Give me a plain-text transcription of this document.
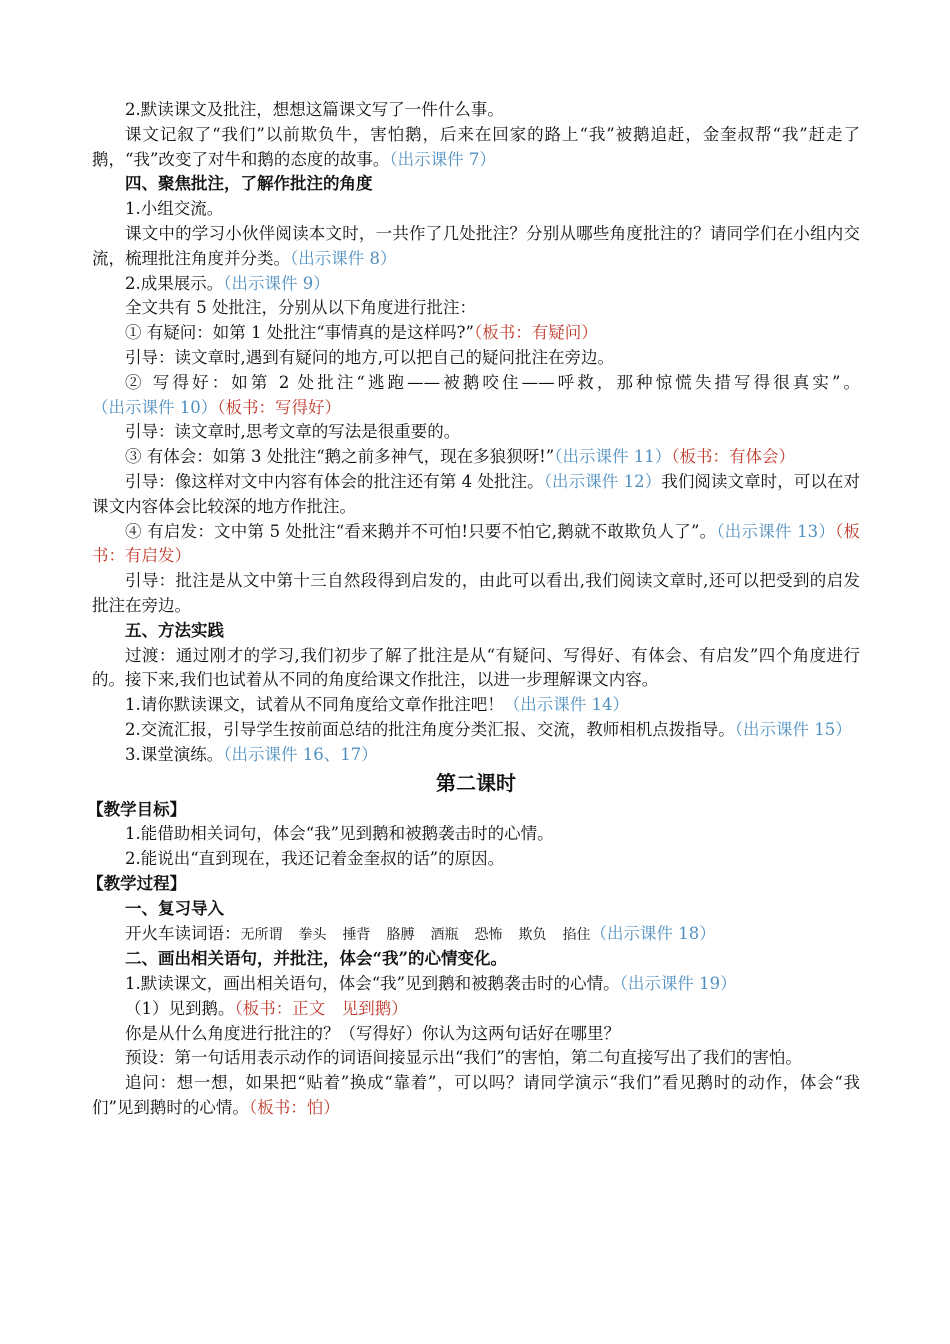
2.默读课文及批注，想想这篇课文写了一件什么事。

课文记叙了“我们”以前欺负牛，害怕鹅，后来在回家的路上“我”被鹅追赶，金奎叔帮“我”赶走了鹅，“我”改变了对牛和鹅的态度的故事。（出示课件 7）

四、聚焦批注，了解作批注的角度

1.小组交流。

课文中的学习小伙伴阅读本文时，一共作了几处批注？分别从哪些角度批注的？请同学们在小组内交流，梳理批注角度并分类。（出示课件 8）

2.成果展示。（出示课件 9）

全文共有 5 处批注，分别从以下角度进行批注：

① 有疑问：如第 1 处批注“事情真的是这样吗?”（板书：有疑问）

引导：读文章时,遇到有疑问的地方,可以把自己的疑问批注在旁边。

② 写得好：如第 2 处批注“逃跑——被鹅咬住——呼救，那种惊慌失措写得很真实”。（出示课件 10）（板书：写得好）

引导：读文章时,思考文章的写法是很重要的。

③ 有体会：如第 3 处批注“鹅之前多神气，现在多狼狈呀!”（出示课件 11）（板书：有体会）

引导：像这样对文中内容有体会的批注还有第 4 处批注。（出示课件 12）我们阅读文章时，可以在对课文内容体会比较深的地方作批注。

④ 有启发：文中第 5 处批注“看来鹅并不可怕!只要不怕它,鹅就不敢欺负人了”。（出示课件 13）（板书：有启发）

引导：批注是从文中第十三自然段得到启发的，由此可以看出,我们阅读文章时,还可以把受到的启发批注在旁边。

五、方法实践

过渡：通过刚才的学习,我们初步了解了批注是从“有疑问、写得好、有体会、有启发”四个角度进行的。接下来,我们也试着从不同的角度给课文作批注，以进一步理解课文内容。

1.请你默读课文，试着从不同角度给文章作批注吧！（出示课件 14）

2.交流汇报，引导学生按前面总结的批注角度分类汇报、交流，教师相机点拨指导。（出示课件 15）

3.课堂演练。（出示课件 16、17）

第二课时

【教学目标】

1.能借助相关词句，体会“我”见到鹅和被鹅袭击时的心情。

2.能说出“直到现在，我还记着金奎叔的话”的原因。

【教学过程】

一、复习导入

开火车读词语：无所谓 拳头 捶背 胳膊 酒瓶 恐怖 欺负 掐住（出示课件 18）

二、画出相关语句，并批注，体会“我”的心情变化。

1.默读课文，画出相关语句，体会“我”见到鹅和被鹅袭击时的心情。（出示课件 19）

（1）见到鹅。（板书：正文　见到鹅）

你是从什么角度进行批注的？（写得好）你认为这两句话好在哪里？

预设：第一句话用表示动作的词语间接显示出“我们”的害怕，第二句直接写出了我们的害怕。

追问：想一想，如果把“贴着”换成“靠着”，可以吗？请同学演示“我们”看见鹅时的动作，体会“我们”见到鹅时的心情。（板书：怕）
